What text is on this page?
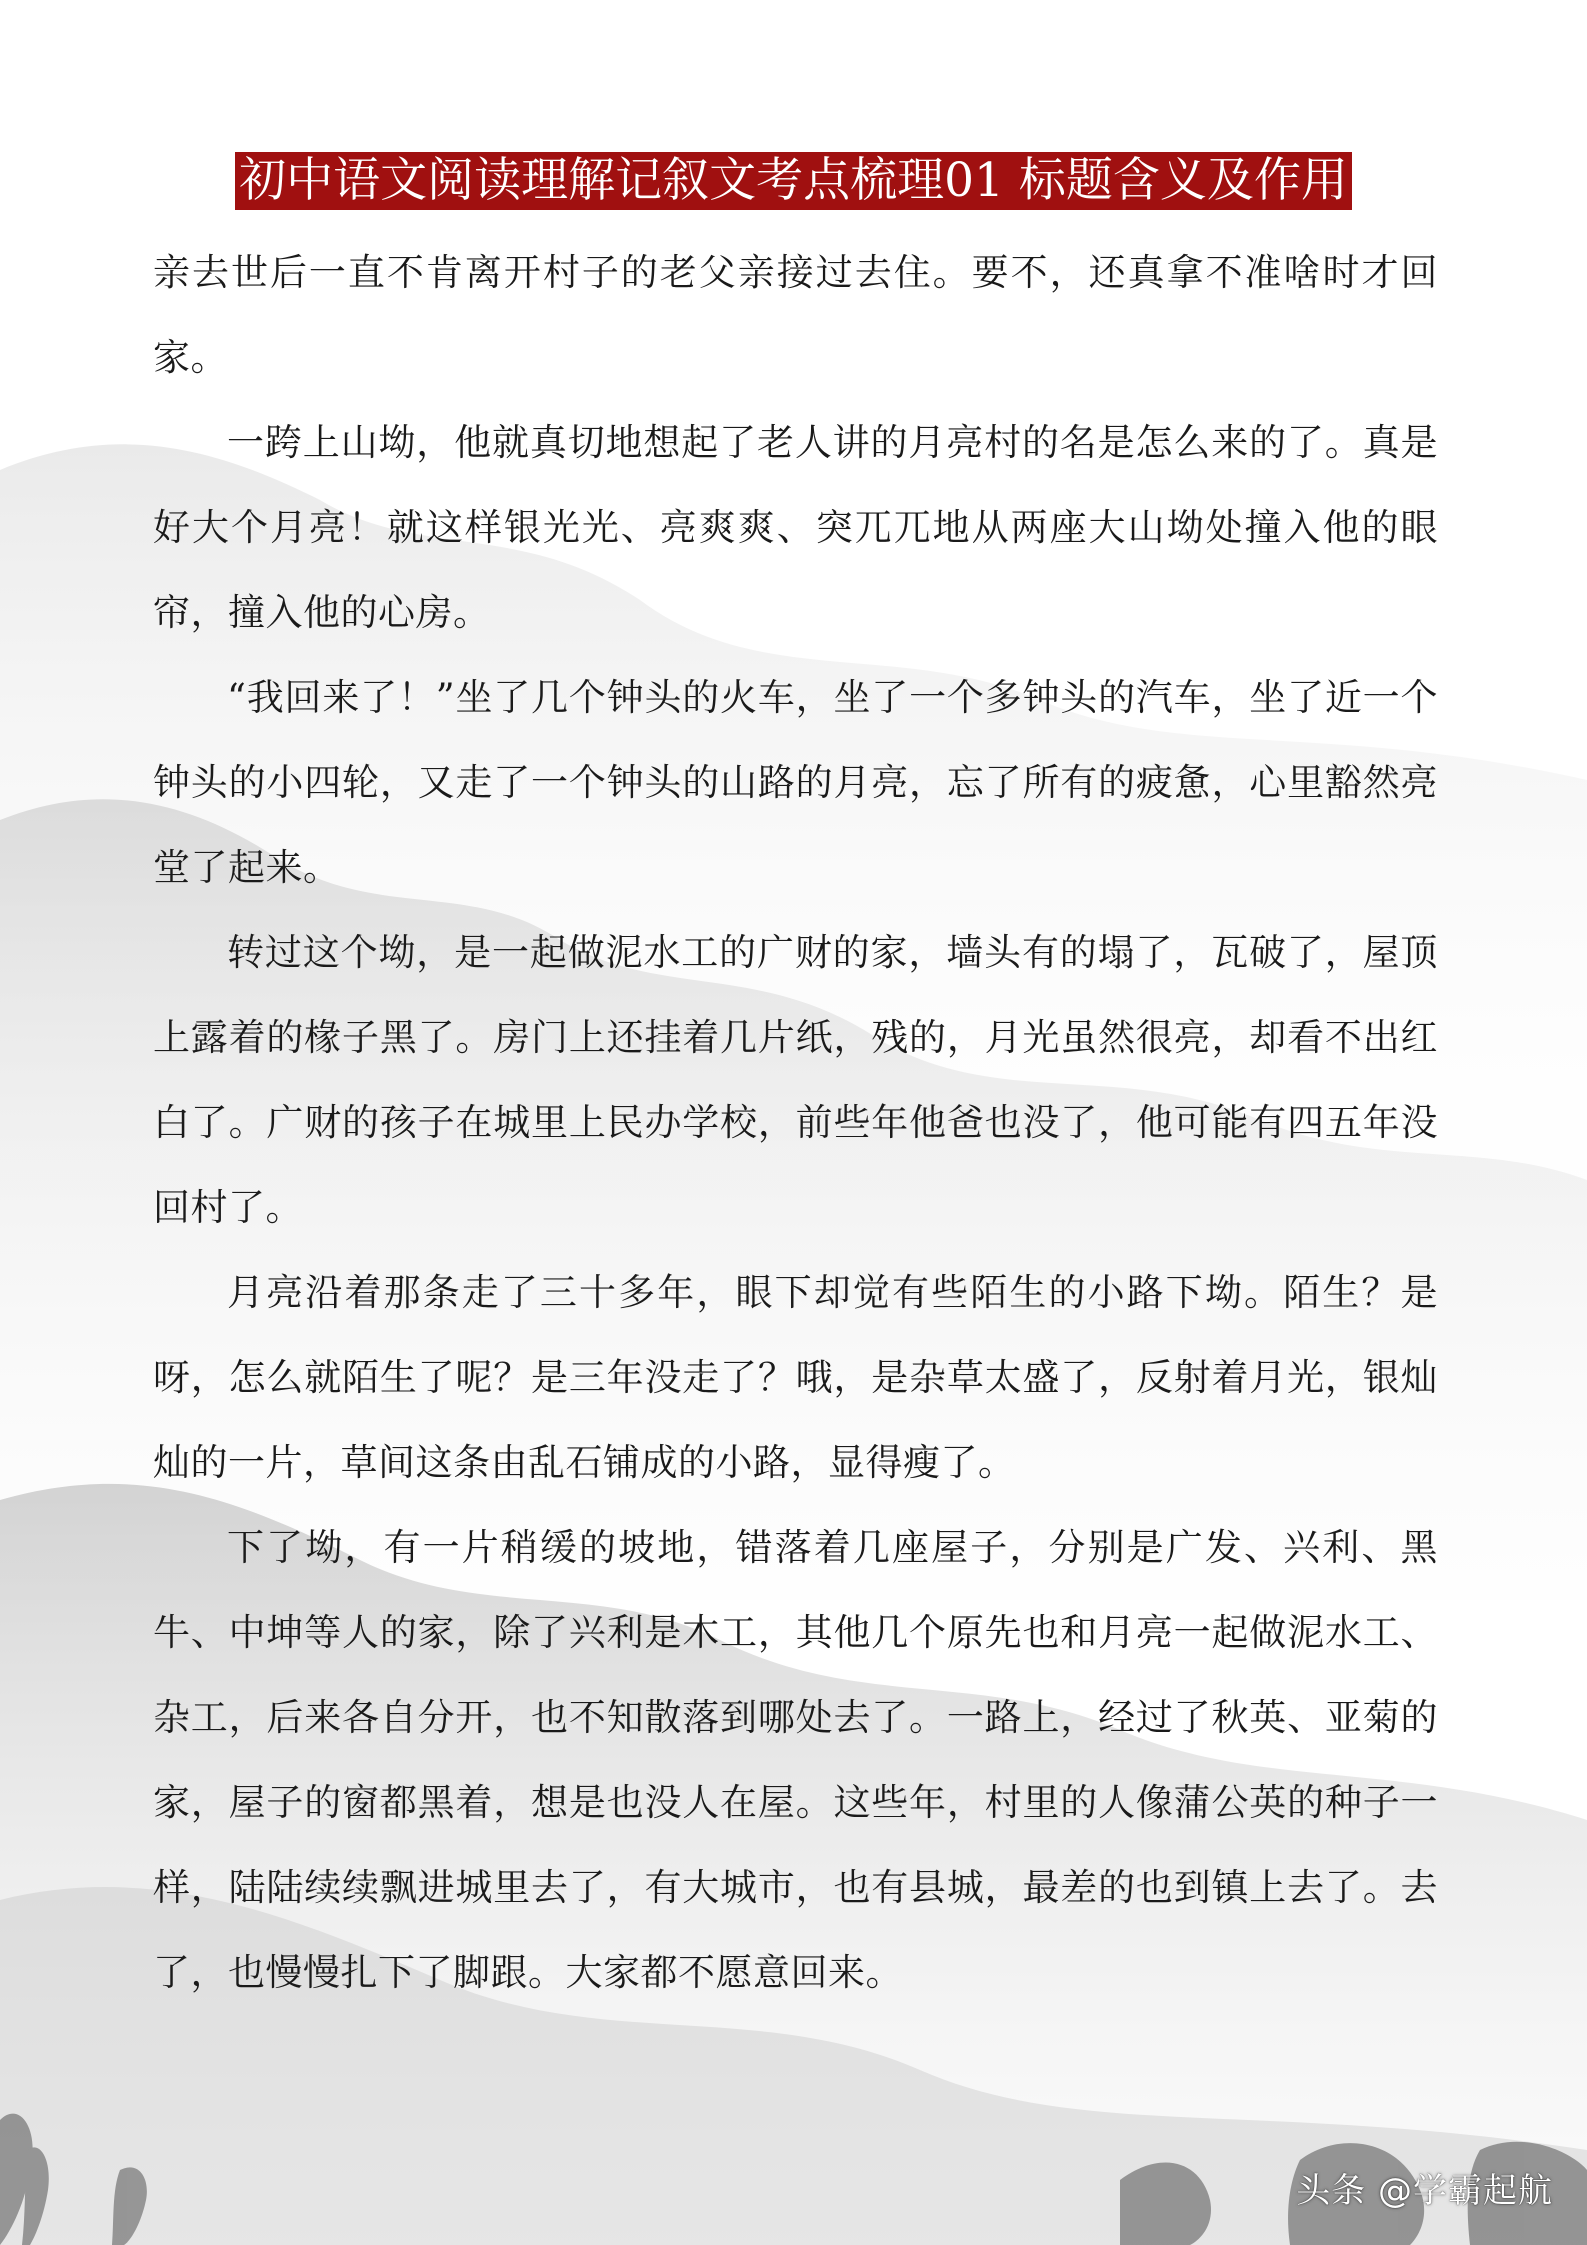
初中语文阅读理解记叙文考点梳理01 标题含义及作用

亲去世后一直不肯离开村子的老父亲接过去住。要不，还真拿不准啥时才回家。

一跨上山坳，他就真切地想起了老人讲的月亮村的名是怎么来的了。真是好大个月亮！就这样银光光、亮爽爽、突兀兀地从两座大山坳处撞入他的眼帘，撞入他的心房。

“我回来了！”坐了几个钟头的火车，坐了一个多钟头的汽车，坐了近一个钟头的小四轮，又走了一个钟头的山路的月亮，忘了所有的疲惫，心里豁然亮堂了起来。

转过这个坳，是一起做泥水工的广财的家，墙头有的塌了，瓦破了，屋顶上露着的椽子黑了。房门上还挂着几片纸，残的，月光虽然很亮，却看不出红白了。广财的孩子在城里上民办学校，前些年他爸也没了，他可能有四五年没回村了。

月亮沿着那条走了三十多年，眼下却觉有些陌生的小路下坳。陌生？是呀，怎么就陌生了呢？是三年没走了？哦，是杂草太盛了，反射着月光，银灿灿的一片，草间这条由乱石铺成的小路，显得瘦了。

下了坳，有一片稍缓的坡地，错落着几座屋子，分别是广发、兴利、黑牛、中坤等人的家，除了兴利是木工，其他几个原先也和月亮一起做泥水工、杂工，后来各自分开，也不知散落到哪处去了。一路上，经过了秋英、亚菊的家，屋子的窗都黑着，想是也没人在屋。这些年，村里的人像蒲公英的种子一样，陆陆续续飘进城里去了，有大城市，也有县城，最差的也到镇上去了。去了，也慢慢扎下了脚跟。大家都不愿意回来。

头条 @学霸起航
